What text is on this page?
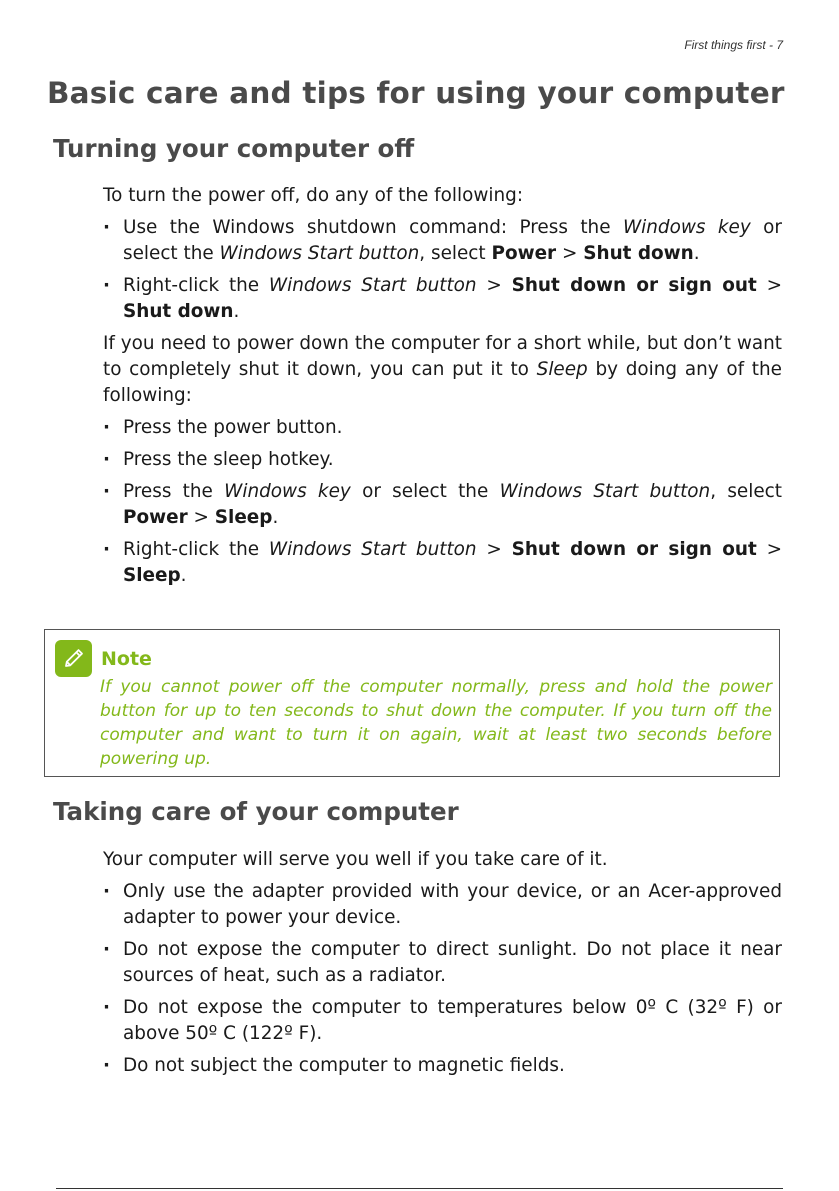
First things first - 7
Basic care and tips for using your computer
Turning your computer off

To turn the power off, do any of the following:

· Use the Windows shutdown command: Press the Windows key or select the Windows Start button, select Power > Shut down.
· Right-click the Windows Start button > Shut down or sign out > Shut down.

If you need to power down the computer for a short while, but don’t want to completely shut it down, you can put it to Sleep by doing any of the following:

· Press the power button.
· Press the sleep hotkey.
· Press the Windows key or select the Windows Start button, select Power > Sleep.
· Right-click the Windows Start button > Shut down or sign out > Sleep.
Note

If you cannot power off the computer normally, press and hold the power button for up to ten seconds to shut down the computer. If you turn off the computer and want to turn it on again, wait at least two seconds before powering up.

Taking care of your computer

Your computer will serve you well if you take care of it.

· Only use the adapter provided with your device, or an Acer-approved adapter to power your device.
· Do not expose the computer to direct sunlight. Do not place it near sources of heat, such as a radiator.
· Do not expose the computer to temperatures below 0º C (32º F) or above 50º C (122º F).
· Do not subject the computer to magnetic fields.
